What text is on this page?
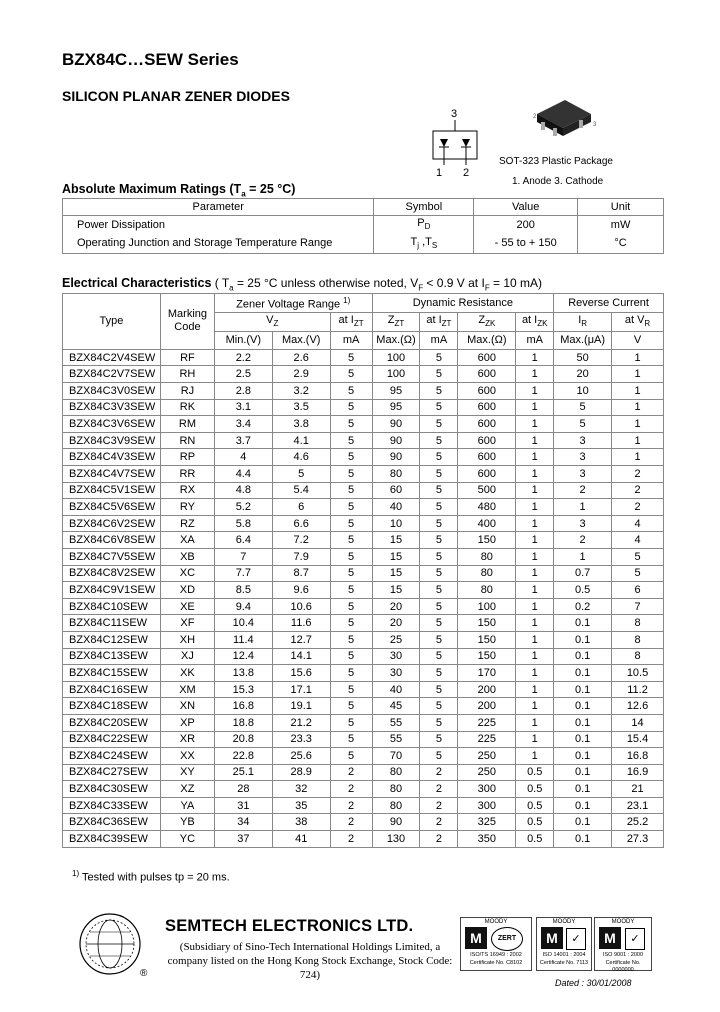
BZX84C…SEW Series
SILICON PLANAR ZENER DIODES
3
1 2
2
3
SOT-323 Plastic Package
1. Anode 3. Cathode
Absolute Maximum Ratings ($T_a = 25$ °C)
Parameter	Symbol	Value	Unit
Power Dissipation	$P_D$	200	mW
Operating Junction and Storage Temperature Range	$T_j$ $,T_S$	- 55 to + 150	°C
Electrical Characteristics ( $T_a = 25$ °C unless otherwise noted, $V_F < 0.9$ V at $I_F = 10$ mA)
Type	Marking Code	Zener Voltage Range $^{1)}$			Dynamic Resistance				Reverse Current	
		$V_Z$		at $I_{ZT}$	$Z_{ZT}$	at $I_{ZT}$	$Z_{ZK}$	at $I_{ZK}$	$I_R$	at $V_R$
		Min.(V)	Max.(V)	mA	Max.(Ω)	mA	Max.(Ω)	mA	Max.(μA)	V
BZX84C2V4SEW	RF	2.2	2.6	5	100	5	600	1	50	1
BZX84C2V7SEW	RH	2.5	2.9	5	100	5	600	1	20	1
BZX84C3V0SEW	RJ	2.8	3.2	5	95	5	600	1	10	1
BZX84C3V3SEW	RK	3.1	3.5	5	95	5	600	1	5	1
BZX84C3V6SEW	RM	3.4	3.8	5	90	5	600	1	5	1
BZX84C3V9SEW	RN	3.7	4.1	5	90	5	600	1	3	1
BZX84C4V3SEW	RP	4	4.6	5	90	5	600	1	3	1
BZX84C4V7SEW	RR	4.4	5	5	80	5	600	1	3	2
BZX84C5V1SEW	RX	4.8	5.4	5	60	5	500	1	2	2
BZX84C5V6SEW	RY	5.2	6	5	40	5	480	1	1	2
BZX84C6V2SEW	RZ	5.8	6.6	5	10	5	400	1	3	4
BZX84C6V8SEW	XA	6.4	7.2	5	15	5	150	1	2	4
BZX84C7V5SEW	XB	7	7.9	5	15	5	80	1	1	5
BZX84C8V2SEW	XC	7.7	8.7	5	15	5	80	1	0.7	5
BZX84C9V1SEW	XD	8.5	9.6	5	15	5	80	1	0.5	6
BZX84C10SEW	XE	9.4	10.6	5	20	5	100	1	0.2	7
BZX84C11SEW	XF	10.4	11.6	5	20	5	150	1	0.1	8
BZX84C12SEW	XH	11.4	12.7	5	25	5	150	1	0.1	8
BZX84C13SEW	XJ	12.4	14.1	5	30	5	150	1	0.1	8
BZX84C15SEW	XK	13.8	15.6	5	30	5	170	1	0.1	10.5
BZX84C16SEW	XM	15.3	17.1	5	40	5	200	1	0.1	11.2
BZX84C18SEW	XN	16.8	19.1	5	45	5	200	1	0.1	12.6
BZX84C20SEW	XP	18.8	21.2	5	55	5	225	1	0.1	14
BZX84C22SEW	XR	20.8	23.3	5	55	5	225	1	0.1	15.4
BZX84C24SEW	XX	22.8	25.6	5	70	5	250	1	0.1	16.8
BZX84C27SEW	XY	25.1	28.9	2	80	2	250	0.5	0.1	16.9
BZX84C30SEW	XZ	28	32	2	80	2	300	0.5	0.1	21
BZX84C33SEW	YA	31	35	2	80	2	300	0.5	0.1	23.1
BZX84C36SEW	YB	34	38	2	90	2	325	0.5	0.1	25.2
BZX84C39SEW	YC	37	41	2	130	2	350	0.5	0.1	27.3
$^{1)}$ Tested with pulses tp = 20 ms.
®
SEMTECH ELECTRONICS LTD.
(Subsidiary of Sino-Tech International Holdings Limited, a company listed on the Hong Kong Stock Exchange, Stock Code: 724)
MOODY
M	ZERT
ISO/TS 16949 : 2002
Certificate No. C8102
MOODY
M	✓
ISO 14001 : 2004
Certificate No. 7113
MOODY
M	✓
ISO 9001 : 2000
Certificate No. 0000000
Dated : 30/01/2008
